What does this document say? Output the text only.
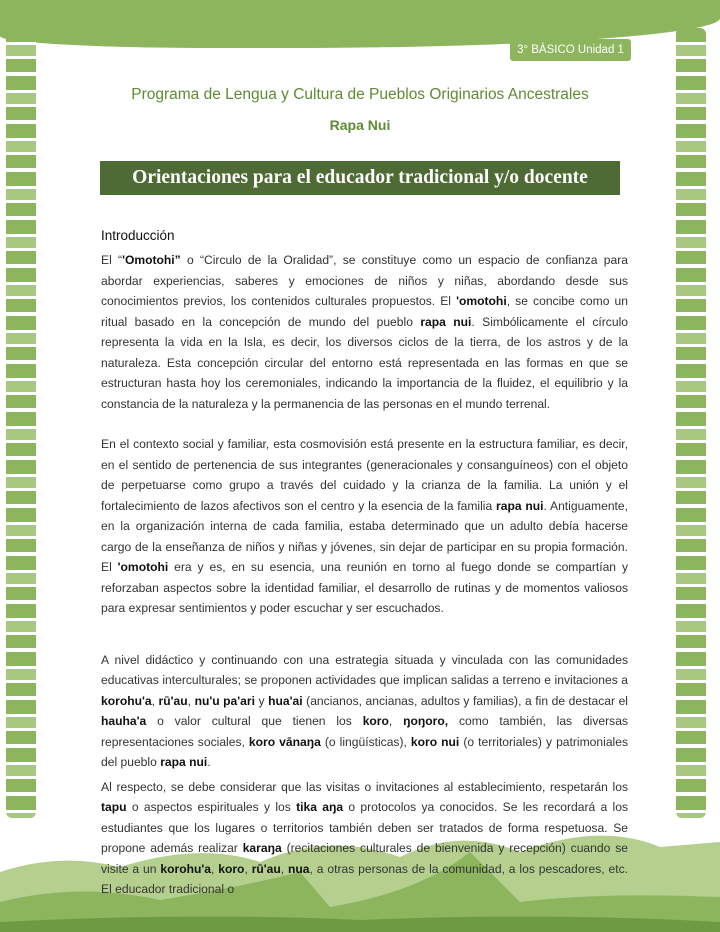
3° BÁSICO Unidad 1
Programa de Lengua y Cultura de Pueblos Originarios Ancestrales
Rapa Nui
Orientaciones para el educador tradicional y/o docente
Introducción
El “'Omotohi” o “Circulo de la Oralidad”, se constituye como un espacio de confianza para abordar experiencias, saberes y emociones de niños y niñas, abordando desde sus conocimientos previos, los contenidos culturales propuestos. El 'omotohi, se concibe como un ritual basado en la concepción de mundo del pueblo rapa nui. Simbólicamente el círculo representa la vida en la Isla, es decir, los diversos ciclos de la tierra, de los astros y de la naturaleza. Esta concepción circular del entorno está representada en las formas en que se estructuran hasta hoy los ceremoniales, indicando la importancia de la fluidez, el equilibrio y la constancia de la naturaleza y la permanencia de las personas en el mundo terrenal.
En el contexto social y familiar, esta cosmovisión está presente en la estructura familiar, es decir, en el sentido de pertenencia de sus integrantes (generacionales y consanguíneos) con el objeto de perpetuarse como grupo a través del cuidado y la crianza de la familia. La unión y el fortalecimiento de lazos afectivos son el centro y la esencia de la familia rapa nui. Antiguamente, en la organización interna de cada familia, estaba determinado que un adulto debía hacerse cargo de la enseñanza de niños y niñas y jóvenes, sin dejar de participar en su propia formación. El 'omotohi era y es, en su esencia, una reunión en torno al fuego donde se compartían y reforzaban aspectos sobre la identidad familiar, el desarrollo de rutinas y de momentos valiosos para expresar sentimientos y poder escuchar y ser escuchados.
A nivel didáctico y continuando con una estrategia situada y vinculada con las comunidades educativas interculturales; se proponen actividades que implican salidas a terreno e invitaciones a korohu'a, rū'au, nu'u pa'ari y hua'ai (ancianos, ancianas, adultos y familias), a fin de destacar el hauha'a o valor cultural que tienen los koro, ŋoŋoro, como también, las diversas representaciones sociales, koro vānaŋa (o lingüísticas), koro nui (o territoriales) y patrimoniales del pueblo rapa nui.
Al respecto, se debe considerar que las visitas o invitaciones al establecimiento, respetarán los tapu o aspectos espirituales y los tika aŋa o protocolos ya conocidos. Se les recordará a los estudiantes que los lugares o territorios también deben ser tratados de forma respetuosa. Se propone además realizar karaŋa (recitaciones culturales de bienvenida y recepción) cuando se visite a un korohu'a, koro, rū'au, nua, a otras personas de la comunidad, a los pescadores, etc. El educador tradicional o
